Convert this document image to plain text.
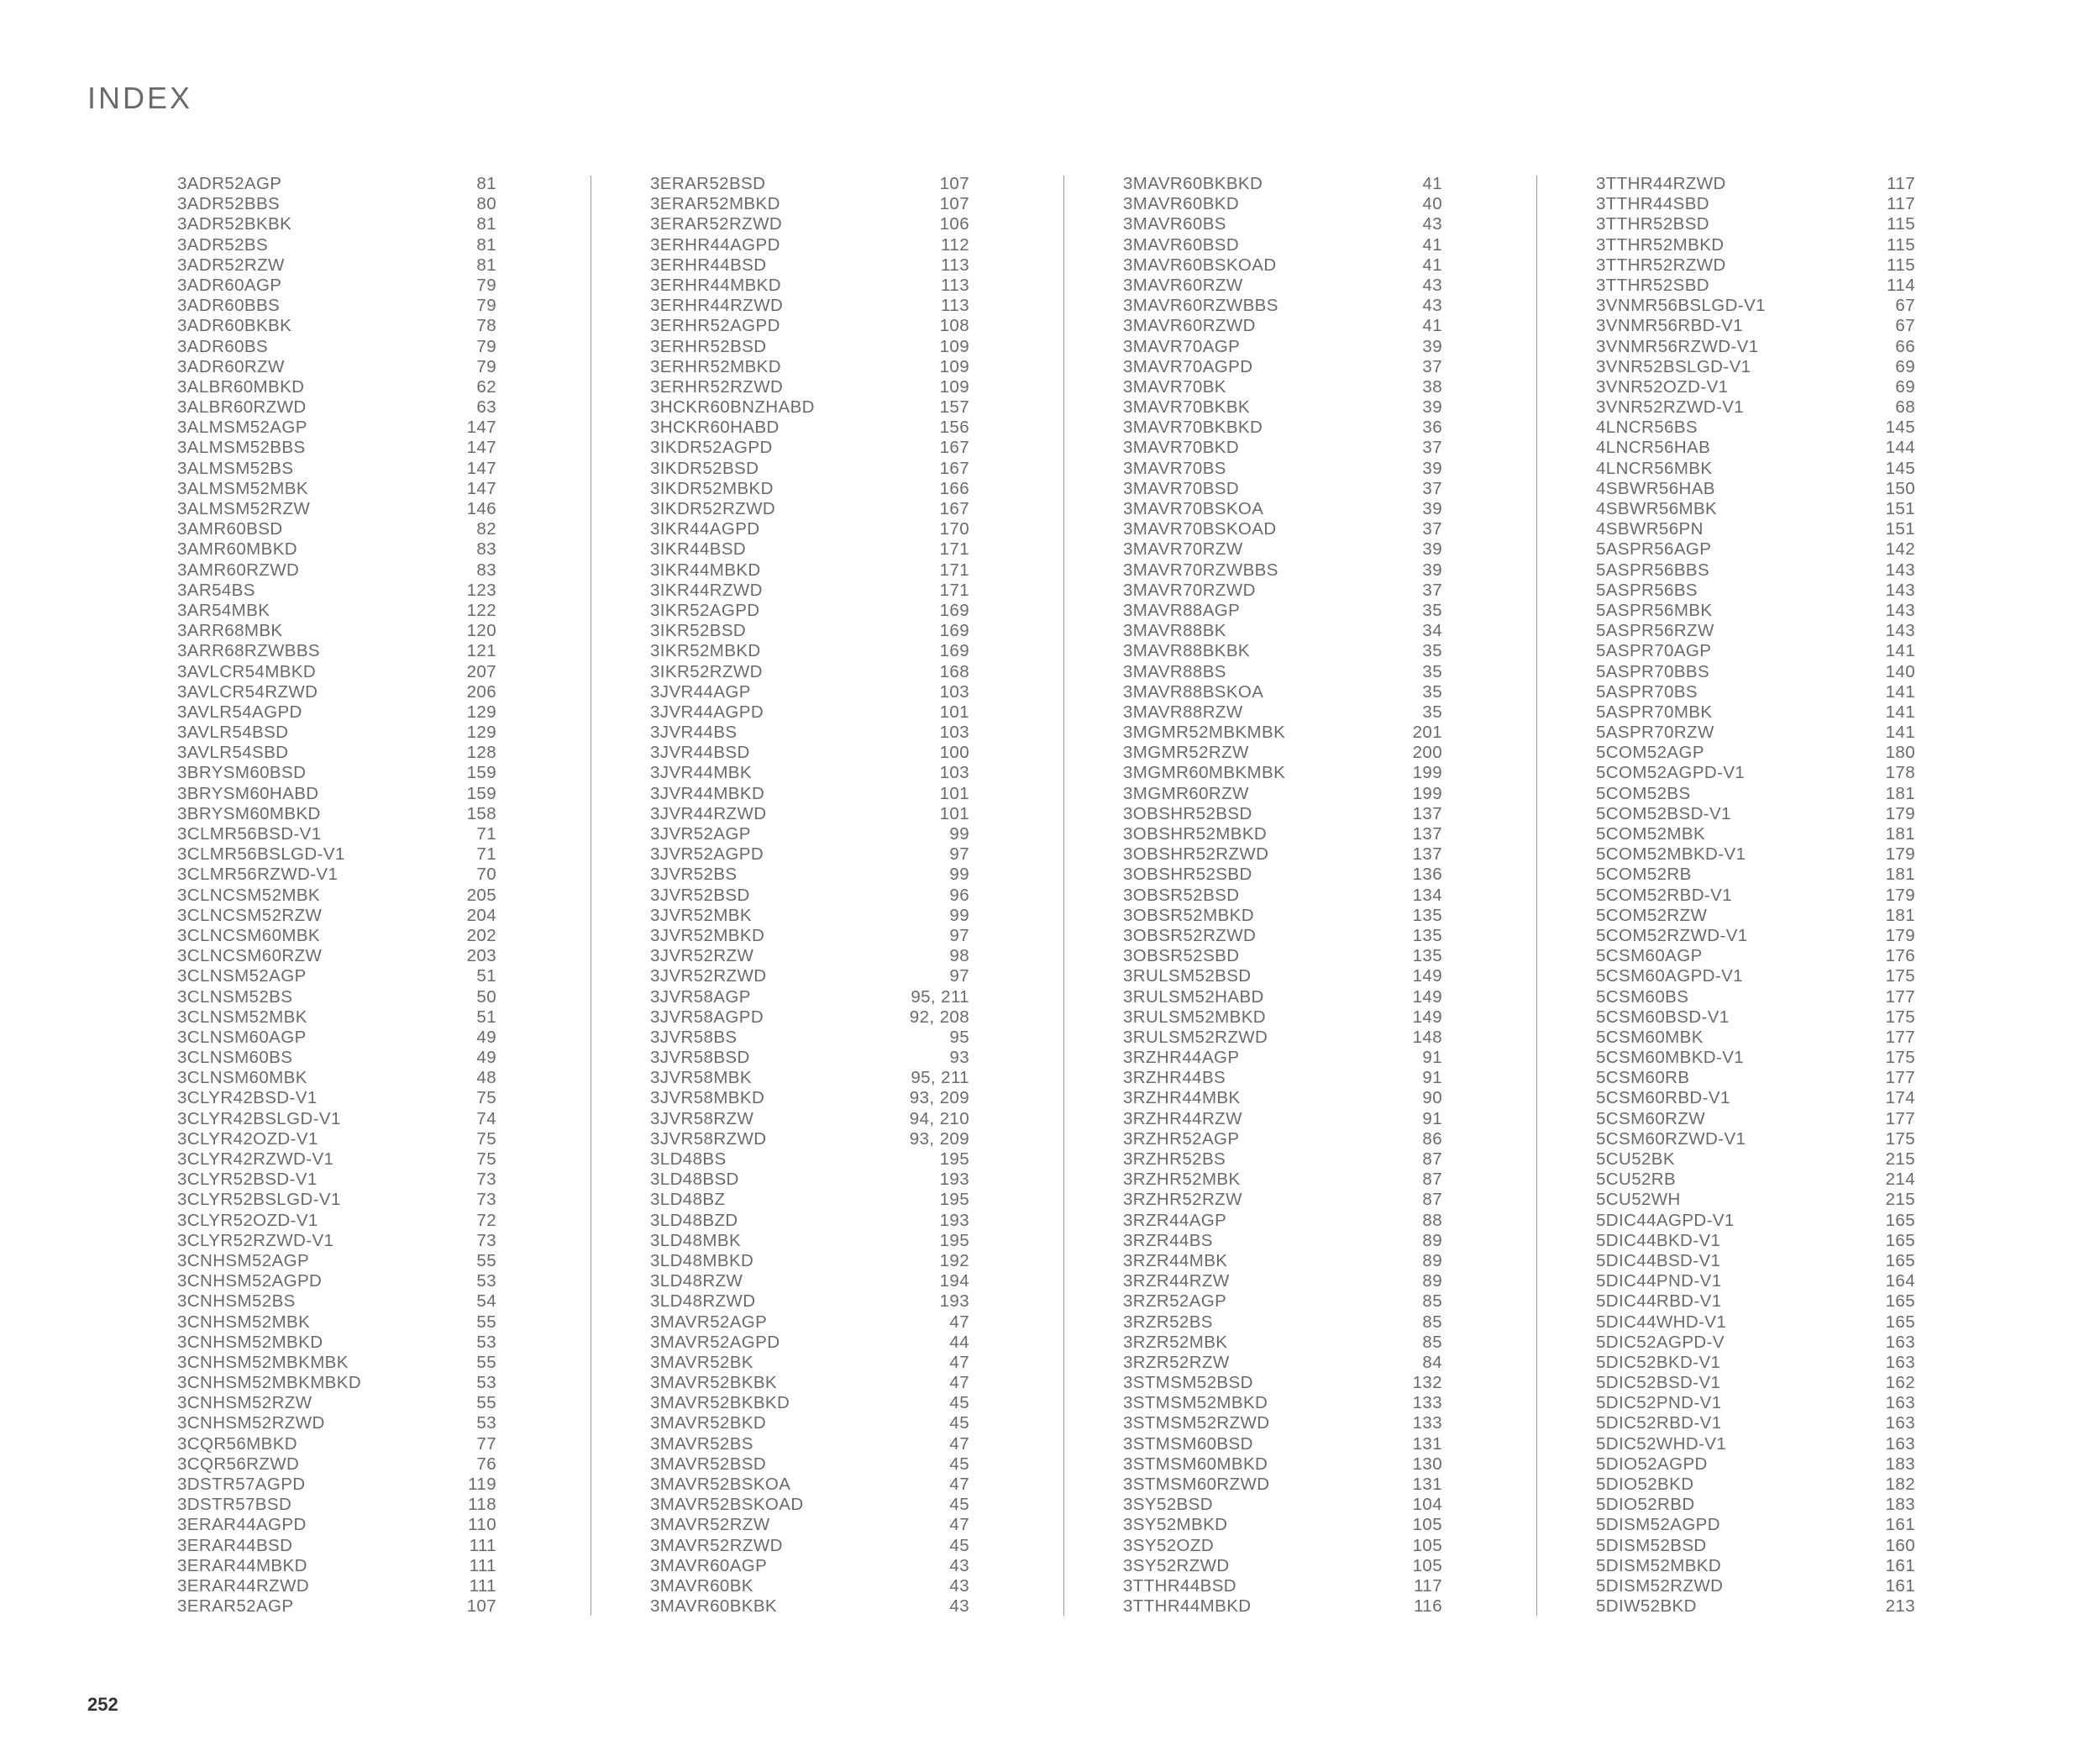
INDEX
3ADR52AGP	81
3ADR52BBS	80
3ADR52BKBK	81
3ADR52BS	81
3ADR52RZW	81
3ADR60AGP	79
3ADR60BBS	79
3ADR60BKBK	78
3ADR60BS	79
3ADR60RZW	79
3ALBR60MBKD	62
3ALBR60RZWD	63
3ALMSM52AGP	147
3ALMSM52BBS	147
3ALMSM52BS	147
3ALMSM52MBK	147
3ALMSM52RZW	146
3AMR60BSD	82
3AMR60MBKD	83
3AMR60RZWD	83
3AR54BS	123
3AR54MBK	122
3ARR68MBK	120
3ARR68RZWBBS	121
3AVLCR54MBKD	207
3AVLCR54RZWD	206
3AVLR54AGPD	129
3AVLR54BSD	129
3AVLR54SBD	128
3BRYSM60BSD	159
3BRYSM60HABD	159
3BRYSM60MBKD	158
3CLMR56BSD-V1	71
3CLMR56BSLGD-V1	71
3CLMR56RZWD-V1	70
3CLNCSM52MBK	205
3CLNCSM52RZW	204
3CLNCSM60MBK	202
3CLNCSM60RZW	203
3CLNSM52AGP	51
3CLNSM52BS	50
3CLNSM52MBK	51
3CLNSM60AGP	49
3CLNSM60BS	49
3CLNSM60MBK	48
3CLYR42BSD-V1	75
3CLYR42BSLGD-V1	74
3CLYR42OZD-V1	75
3CLYR42RZWD-V1	75
3CLYR52BSD-V1	73
3CLYR52BSLGD-V1	73
3CLYR52OZD-V1	72
3CLYR52RZWD-V1	73
3CNHSM52AGP	55
3CNHSM52AGPD	53
3CNHSM52BS	54
3CNHSM52MBK	55
3CNHSM52MBKD	53
3CNHSM52MBKMBK	55
3CNHSM52MBKMBKD	53
3CNHSM52RZW	55
3CNHSM52RZWD	53
3CQR56MBKD	77
3CQR56RZWD	76
3DSTR57AGPD	119
3DSTR57BSD	118
3ERAR44AGPD	110
3ERAR44BSD	111
3ERAR44MBKD	111
3ERAR44RZWD	111
3ERAR52AGP	107
3ERAR52BSD	107
3ERAR52MBKD	107
3ERAR52RZWD	106
3ERHR44AGPD	112
3ERHR44BSD	113
3ERHR44MBKD	113
3ERHR44RZWD	113
3ERHR52AGPD	108
3ERHR52BSD	109
3ERHR52MBKD	109
3ERHR52RZWD	109
3HCKR60BNZHABD	157
3HCKR60HABD	156
3IKDR52AGPD	167
3IKDR52BSD	167
3IKDR52MBKD	166
3IKDR52RZWD	167
3IKR44AGPD	170
3IKR44BSD	171
3IKR44MBKD	171
3IKR44RZWD	171
3IKR52AGPD	169
3IKR52BSD	169
3IKR52MBKD	169
3IKR52RZWD	168
3JVR44AGP	103
3JVR44AGPD	101
3JVR44BS	103
3JVR44BSD	100
3JVR44MBK	103
3JVR44MBKD	101
3JVR44RZWD	101
3JVR52AGP	99
3JVR52AGPD	97
3JVR52BS	99
3JVR52BSD	96
3JVR52MBK	99
3JVR52MBKD	97
3JVR52RZW	98
3JVR52RZWD	97
3JVR58AGP	95, 211
3JVR58AGPD	92, 208
3JVR58BS	95
3JVR58BSD	93
3JVR58MBK	95, 211
3JVR58MBKD	93, 209
3JVR58RZW	94, 210
3JVR58RZWD	93, 209
3LD48BS	195
3LD48BSD	193
3LD48BZ	195
3LD48BZD	193
3LD48MBK	195
3LD48MBKD	192
3LD48RZW	194
3LD48RZWD	193
3MAVR52AGP	47
3MAVR52AGPD	44
3MAVR52BK	47
3MAVR52BKBK	47
3MAVR52BKBKD	45
3MAVR52BKD	45
3MAVR52BS	47
3MAVR52BSD	45
3MAVR52BSKOA	47
3MAVR52BSKOAD	45
3MAVR52RZW	47
3MAVR52RZWD	45
3MAVR60AGP	43
3MAVR60BK	43
3MAVR60BKBK	43
3MAVR60BKBKD	41
3MAVR60BKD	40
3MAVR60BS	43
3MAVR60BSD	41
3MAVR60BSKOAD	41
3MAVR60RZW	43
3MAVR60RZWBBS	43
3MAVR60RZWD	41
3MAVR70AGP	39
3MAVR70AGPD	37
3MAVR70BK	38
3MAVR70BKBK	39
3MAVR70BKBKD	36
3MAVR70BKD	37
3MAVR70BS	39
3MAVR70BSD	37
3MAVR70BSKOA	39
3MAVR70BSKOAD	37
3MAVR70RZW	39
3MAVR70RZWBBS	39
3MAVR70RZWD	37
3MAVR88AGP	35
3MAVR88BK	34
3MAVR88BKBK	35
3MAVR88BS	35
3MAVR88BSKOA	35
3MAVR88RZW	35
3MGMR52MBKMBK	201
3MGMR52RZW	200
3MGMR60MBKMBK	199
3MGMR60RZW	199
3OBSHR52BSD	137
3OBSHR52MBKD	137
3OBSHR52RZWD	137
3OBSHR52SBD	136
3OBSR52BSD	134
3OBSR52MBKD	135
3OBSR52RZWD	135
3OBSR52SBD	135
3RULSM52BSD	149
3RULSM52HABD	149
3RULSM52MBKD	149
3RULSM52RZWD	148
3RZHR44AGP	91
3RZHR44BS	91
3RZHR44MBK	90
3RZHR44RZW	91
3RZHR52AGP	86
3RZHR52BS	87
3RZHR52MBK	87
3RZHR52RZW	87
3RZR44AGP	88
3RZR44BS	89
3RZR44MBK	89
3RZR44RZW	89
3RZR52AGP	85
3RZR52BS	85
3RZR52MBK	85
3RZR52RZW	84
3STMSM52BSD	132
3STMSM52MBKD	133
3STMSM52RZWD	133
3STMSM60BSD	131
3STMSM60MBKD	130
3STMSM60RZWD	131
3SY52BSD	104
3SY52MBKD	105
3SY52OZD	105
3SY52RZWD	105
3TTHR44BSD	117
3TTHR44MBKD	116
3TTHR44RZWD	117
3TTHR44SBD	117
3TTHR52BSD	115
3TTHR52MBKD	115
3TTHR52RZWD	115
3TTHR52SBD	114
3VNMR56BSLGD-V1	67
3VNMR56RBD-V1	67
3VNMR56RZWD-V1	66
3VNR52BSLGD-V1	69
3VNR52OZD-V1	69
3VNR52RZWD-V1	68
4LNCR56BS	145
4LNCR56HAB	144
4LNCR56MBK	145
4SBWR56HAB	150
4SBWR56MBK	151
4SBWR56PN	151
5ASPR56AGP	142
5ASPR56BBS	143
5ASPR56BS	143
5ASPR56MBK	143
5ASPR56RZW	143
5ASPR70AGP	141
5ASPR70BBS	140
5ASPR70BS	141
5ASPR70MBK	141
5ASPR70RZW	141
5COM52AGP	180
5COM52AGPD-V1	178
5COM52BS	181
5COM52BSD-V1	179
5COM52MBK	181
5COM52MBKD-V1	179
5COM52RB	181
5COM52RBD-V1	179
5COM52RZW	181
5COM52RZWD-V1	179
5CSM60AGP	176
5CSM60AGPD-V1	175
5CSM60BS	177
5CSM60BSD-V1	175
5CSM60MBK	177
5CSM60MBKD-V1	175
5CSM60RB	177
5CSM60RBD-V1	174
5CSM60RZW	177
5CSM60RZWD-V1	175
5CU52BK	215
5CU52RB	214
5CU52WH	215
5DIC44AGPD-V1	165
5DIC44BKD-V1	165
5DIC44BSD-V1	165
5DIC44PND-V1	164
5DIC44RBD-V1	165
5DIC44WHD-V1	165
5DIC52AGPD-V	163
5DIC52BKD-V1	163
5DIC52BSD-V1	162
5DIC52PND-V1	163
5DIC52RBD-V1	163
5DIC52WHD-V1	163
5DIO52AGPD	183
5DIO52BKD	182
5DIO52RBD	183
5DISM52AGPD	161
5DISM52BSD	160
5DISM52MBKD	161
5DISM52RZWD	161
5DIW52BKD	213
252
